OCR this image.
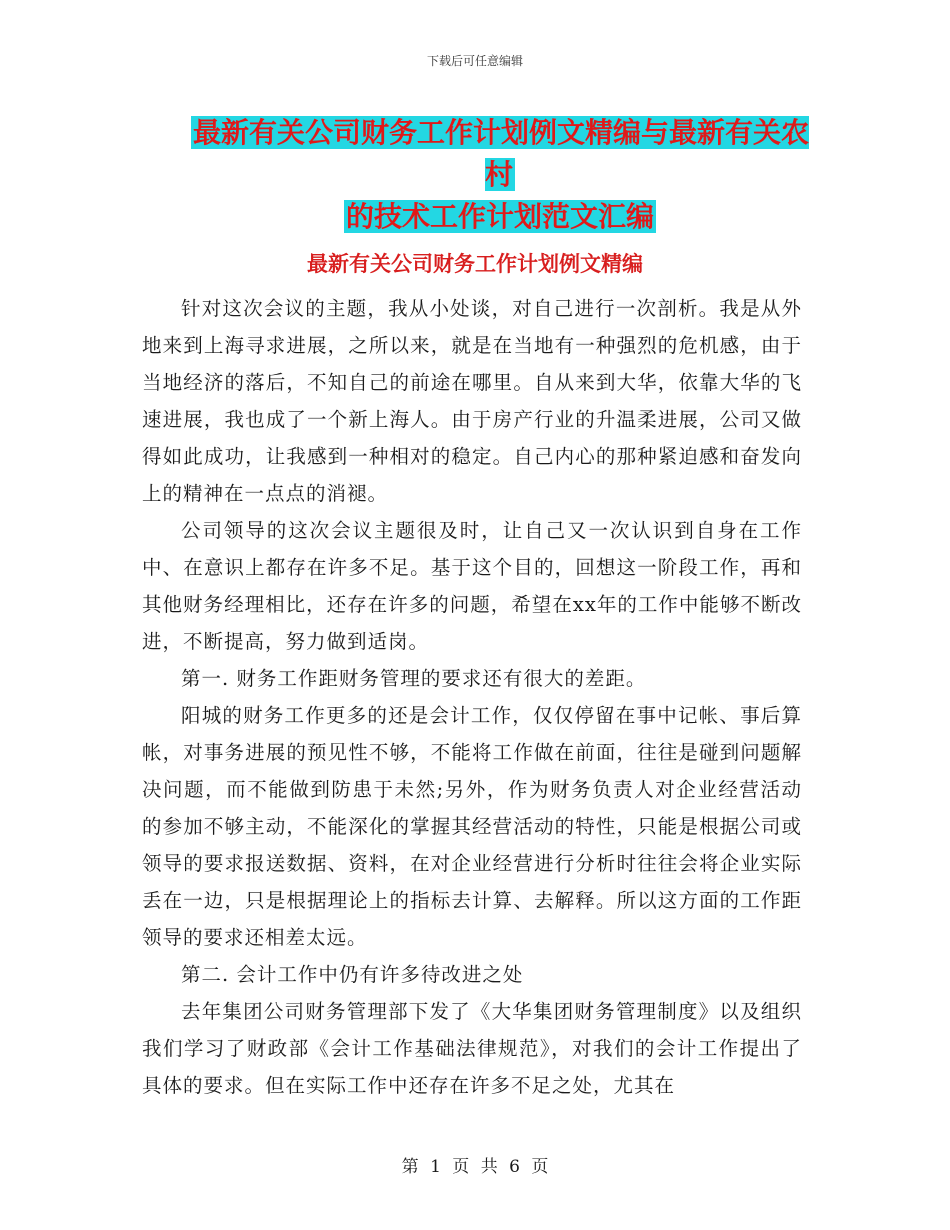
下载后可任意编辑
最新有关公司财务工作计划例文精编与最新有关农村
的技术工作计划范文汇编
最新有关公司财务工作计划例文精编

针对这次会议的主题，我从小处谈，对自己进行一次剖析。我是从外地来到上海寻求进展，之所以来，就是在当地有一种强烈的危机感，由于当地经济的落后，不知自己的前途在哪里。自从来到大华，依靠大华的飞速进展，我也成了一个新上海人。由于房产行业的升温柔进展，公司又做得如此成功，让我感到一种相对的稳定。自己内心的那种紧迫感和奋发向上的精神在一点点的消褪。

公司领导的这次会议主题很及时，让自己又一次认识到自身在工作中、在意识上都存在许多不足。基于这个目的，回想这一阶段工作，再和其他财务经理相比，还存在许多的问题，希望在xx年的工作中能够不断改进，不断提高，努力做到适岗。

第一. 财务工作距财务管理的要求还有很大的差距。

阳城的财务工作更多的还是会计工作，仅仅停留在事中记帐、事后算帐，对事务进展的预见性不够，不能将工作做在前面，往往是碰到问题解决问题，而不能做到防患于未然;另外，作为财务负责人对企业经营活动的参加不够主动，不能深化的掌握其经营活动的特性，只能是根据公司或领导的要求报送数据、资料，在对企业经营进行分析时往往会将企业实际丢在一边，只是根据理论上的指标去计算、去解释。所以这方面的工作距领导的要求还相差太远。

第二. 会计工作中仍有许多待改进之处

去年集团公司财务管理部下发了《大华集团财务管理制度》以及组织我们学习了财政部《会计工作基础法律规范》，对我们的会计工作提出了具体的要求。但在实际工作中还存在许多不足之处，尤其在

第 1 页 共 6 页
